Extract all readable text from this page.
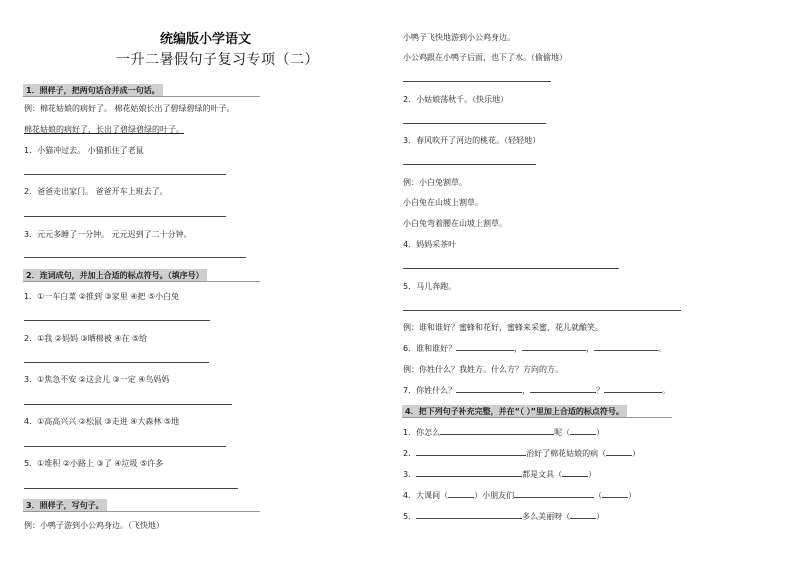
统编版小学语文
一升二暑假句子复习专项（二）
1．照样子，把两句话合并成一句话。
例：棉花姑娘的病好了。 棉花姑娘长出了碧绿碧绿的叶子。
棉花姑娘的病好了，长出了碧绿碧绿的叶子。
1．小猫冲过去。 小猫抓住了老鼠
2．爸爸走出家门。 爸爸开车上班去了。
3．元元多睡了一分钟。 元元迟到了二十分钟。
2．连词成句，并加上合适的标点符号。（填序号）
1．①一车白菜 ②推到 ③家里 ④把 ⑤小白兔
2．①我 ②妈妈 ③晒棉被 ④在 ⑤给
3．①焦急不安 ②这会儿 ③一定 ④鸟妈妈
4．①高高兴兴 ②松鼠 ③走进 ④大森林 ⑤地
5．①堆积 ②小路上 ③了 ④垃圾 ⑤许多
3．照样子，写句子。
例：小鸭子游到小公鸡身边。（飞快地）
小鸭子飞快地游到小公鸡身边。
小公鸡跟在小鸭子后面，也下了水。（偷偷地）
2．小姑娘荡秋千。（快乐地）
3．春风吹开了河边的桃花。（轻轻地）
例：小白兔割草。
小白兔在山坡上割草。
小白兔弯着腰在山坡上割草。
4．妈妈采茶叶
5．马儿奔跑。
例：谁和谁好？蜜蜂和花好，蜜蜂来采蜜，花儿就酿笑。
6．谁和谁好？	，	，	。
例：你姓什么？我姓方。什么方？方向的方。
7．你姓什么？	，	？	。
4．把下列句子补充完整，并在“（ ）”里加上合适的标点符号。
1．你怎么	呢（	）
2．	治好了棉花姑娘的病（	）
3．	都是文具（	）
4．大课间（	）小朋友们	（	）
5．	多么美丽呀（	）
